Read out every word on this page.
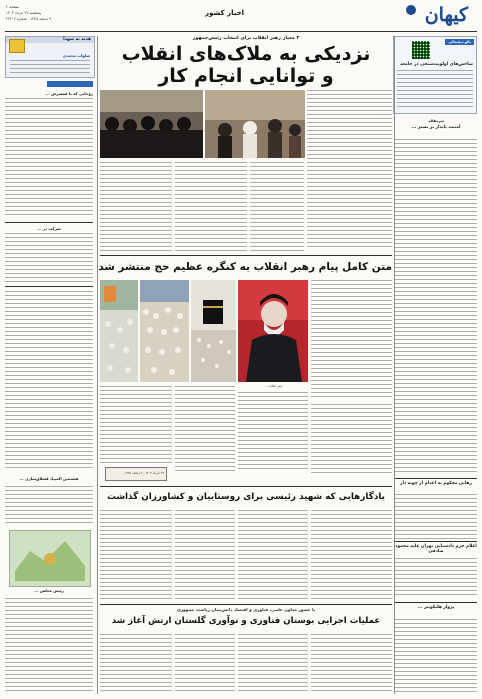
کیهان
اخبار کشور
صفحه ۲
پنجشنبه ۲۷ خرداد ۱۴۰۳
۹ ذیحجه ۱۴۴۵ - شماره ۲۳۴۰۲
بالو دیجیتالی
شاخص‌های اولویت‌سنجی در جامعه
سرمقاله
امنیت پایدار بر بستر ...
رهایی محکوم به اعدام از چوبه دار
اعلام جرم دادستانی تهران علیه محمود صادقی
پرواز هلیکوپتر ...
هدیه به شهدا
صلوات محمدی
روحانی که با همسرش ...
شرکت در ...
هشتمین المپیاد قشلاق‌سازی ...
رئیس مجلس ...
۳ معیار رهبر انقلاب برای انتخاب رئیس‌جمهور
نزدیکی به ملاک‌های انقلاب
و توانایی انجام کار
متن کامل پیام رهبر انقلاب به کنگره عظیم حج منتشر شد
رهبر انقلاب: ...
۲۷ خرداد ۱۴۰۳ - ۹ ذیحجه ۱۴۴۵
یادگارهایی که شهید رئیسی برای روستاییان و کشاورزان گذاشت
با حضور معاون علمی، فناوری و اقتصاد دانش‌بنیان ریاست جمهوری
عملیات اجرایی بوستان فناوری و نوآوری گلستان ارتش آغاز شد
